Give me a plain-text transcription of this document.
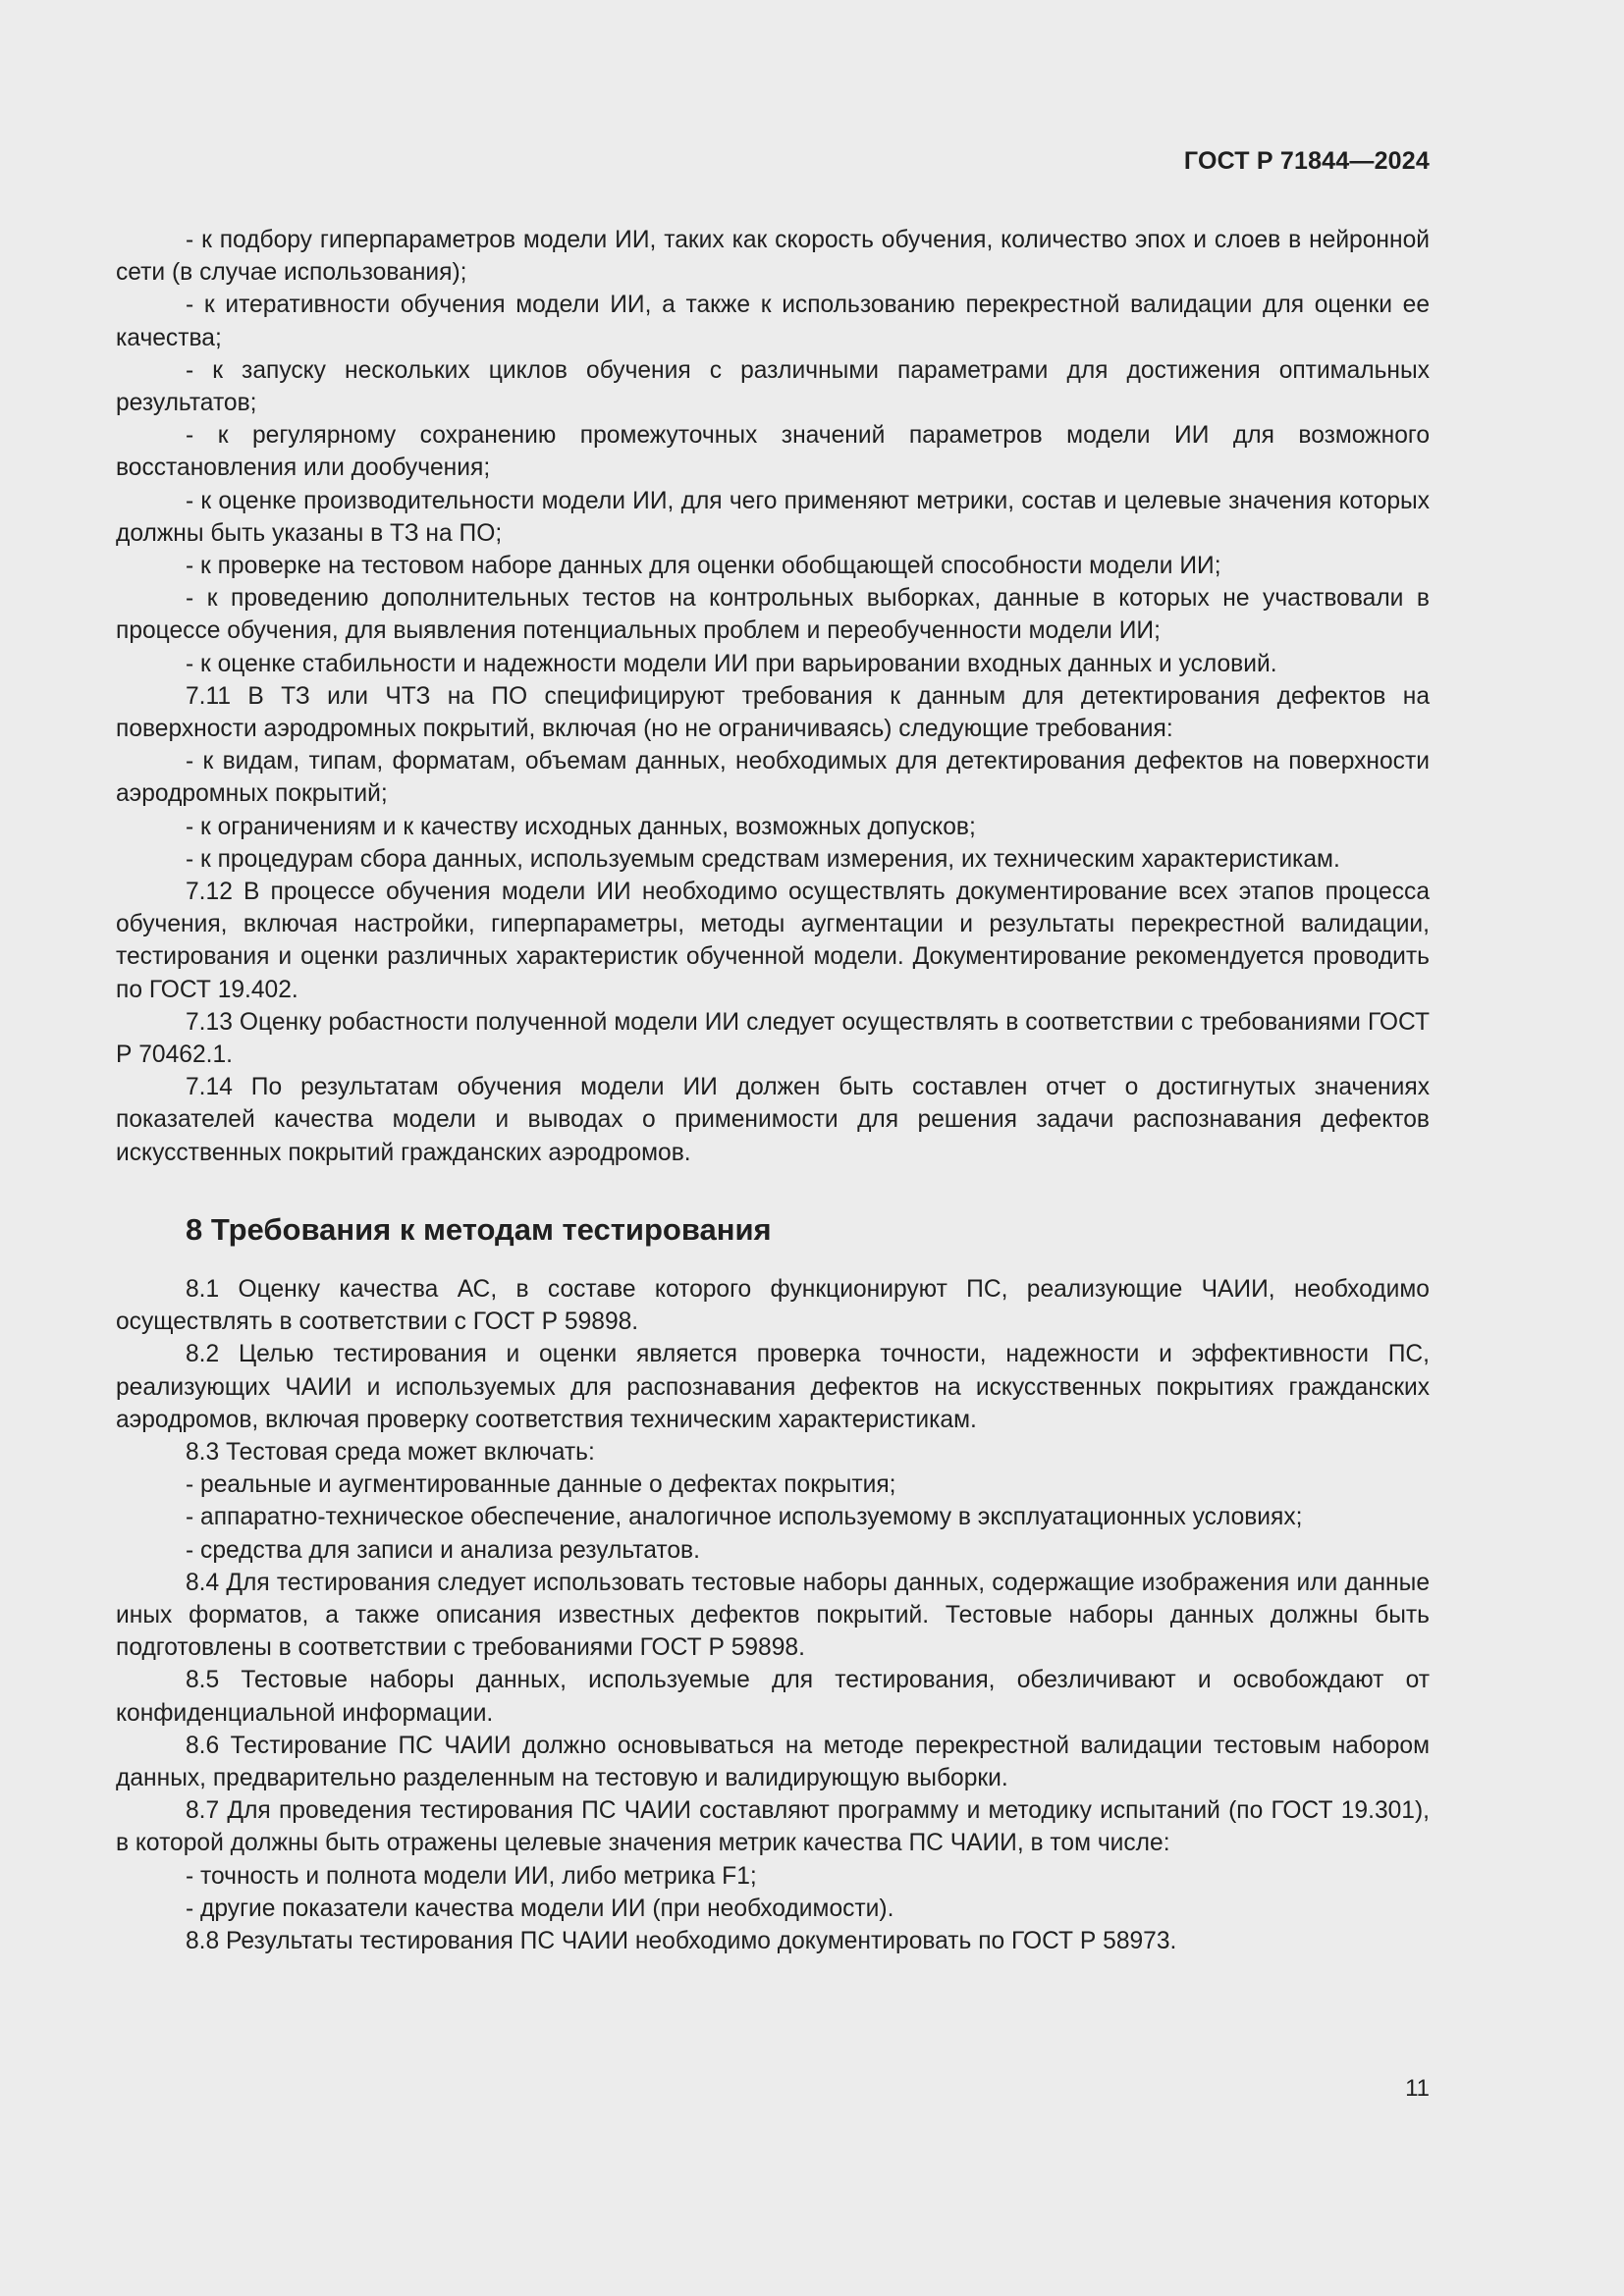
ГОСТ Р 71844—2024

- к подбору гиперпараметров модели ИИ, таких как скорость обучения, количество эпох и слоев в нейронной сети (в случае использования);

- к итеративности обучения модели ИИ, а также к использованию перекрестной валидации для оценки ее качества;

- к запуску нескольких циклов обучения с различными параметрами для достижения оптимальных результатов;

- к регулярному сохранению промежуточных значений параметров модели ИИ для возможного восстановления или дообучения;

- к оценке производительности модели ИИ, для чего применяют метрики, состав и целевые значения которых должны быть указаны в ТЗ на ПО;

- к проверке на тестовом наборе данных для оценки обобщающей способности модели ИИ;

- к проведению дополнительных тестов на контрольных выборках, данные в которых не участвовали в процессе обучения, для выявления потенциальных проблем и переобученности модели ИИ;

- к оценке стабильности и надежности модели ИИ при варьировании входных данных и условий.

7.11 В ТЗ или ЧТЗ на ПО специфицируют требования к данным для детектирования дефектов на поверхности аэродромных покрытий, включая (но не ограничиваясь) следующие требования:

- к видам, типам, форматам, объемам данных, необходимых для детектирования дефектов на поверхности аэродромных покрытий;

- к ограничениям и к качеству исходных данных, возможных допусков;

- к процедурам сбора данных, используемым средствам измерения, их техническим характеристикам.

7.12 В процессе обучения модели ИИ необходимо осуществлять документирование всех этапов процесса обучения, включая настройки, гиперпараметры, методы аугментации и результаты перекрестной валидации, тестирования и оценки различных характеристик обученной модели. Документирование рекомендуется проводить по ГОСТ 19.402.

7.13 Оценку робастности полученной модели ИИ следует осуществлять в соответствии с требованиями ГОСТ Р 70462.1.

7.14 По результатам обучения модели ИИ должен быть составлен отчет о достигнутых значениях показателей качества модели и выводах о применимости для решения задачи распознавания дефектов искусственных покрытий гражданских аэродромов.

8 Требования к методам тестирования

8.1 Оценку качества АС, в составе которого функционируют ПС, реализующие ЧАИИ, необходимо осуществлять в соответствии с ГОСТ Р 59898.

8.2 Целью тестирования и оценки является проверка точности, надежности и эффективности ПС, реализующих ЧАИИ и используемых для распознавания дефектов на искусственных покрытиях гражданских аэродромов, включая проверку соответствия техническим характеристикам.

8.3 Тестовая среда может включать:

- реальные и аугментированные данные о дефектах покрытия;

- аппаратно-техническое обеспечение, аналогичное используемому в эксплуатационных условиях;

- средства для записи и анализа результатов.

8.4 Для тестирования следует использовать тестовые наборы данных, содержащие изображения или данные иных форматов, а также описания известных дефектов покрытий. Тестовые наборы данных должны быть подготовлены в соответствии с требованиями ГОСТ Р 59898.

8.5 Тестовые наборы данных, используемые для тестирования, обезличивают и освобождают от конфиденциальной информации.

8.6 Тестирование ПС ЧАИИ должно основываться на методе перекрестной валидации тестовым набором данных, предварительно разделенным на тестовую и валидирующую выборки.

8.7 Для проведения тестирования ПС ЧАИИ составляют программу и методику испытаний (по ГОСТ 19.301), в которой должны быть отражены целевые значения метрик качества ПС ЧАИИ, в том числе:

- точность и полнота модели ИИ, либо метрика F1;

- другие показатели качества модели ИИ (при необходимости).

8.8 Результаты тестирования ПС ЧАИИ необходимо документировать по ГОСТ Р 58973.

11
